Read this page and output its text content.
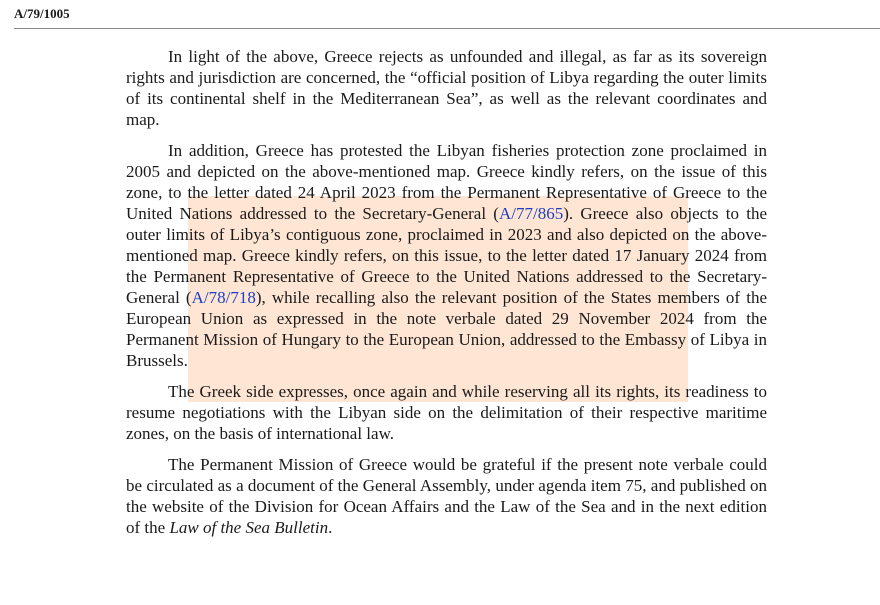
A/79/1005

In light of the above, Greece rejects as unfounded and illegal, as far as its sovereign rights and jurisdiction are concerned, the “official position of Libya regarding the outer limits of its continental shelf in the Mediterranean Sea”, as well as the relevant coordinates and map.

In addition, Greece has protested the Libyan fisheries protection zone proclaimed in 2005 and depicted on the above-mentioned map. Greece kindly refers, on the issue of this zone, to the letter dated 24 April 2023 from the Permanent Representative of Greece to the United Nations addressed to the Secretary-General (A/77/865). Greece also objects to the outer limits of Libya’s contiguous zone, proclaimed in 2023 and also depicted on the above-mentioned map. Greece kindly refers, on this issue, to the letter dated 17 January 2024 from the Permanent Representative of Greece to the United Nations addressed to the Secretary-General (A/78/718), while recalling also the relevant position of the States members of the European Union as expressed in the note verbale dated 29 November 2024 from the Permanent Mission of Hungary to the European Union, addressed to the Embassy of Libya in Brussels.

The Greek side expresses, once again and while reserving all its rights, its readiness to resume negotiations with the Libyan side on the delimitation of their respective maritime zones, on the basis of international law.

The Permanent Mission of Greece would be grateful if the present note verbale could be circulated as a document of the General Assembly, under agenda item 75, and published on the website of the Division for Ocean Affairs and the Law of the Sea and in the next edition of the Law of the Sea Bulletin.
